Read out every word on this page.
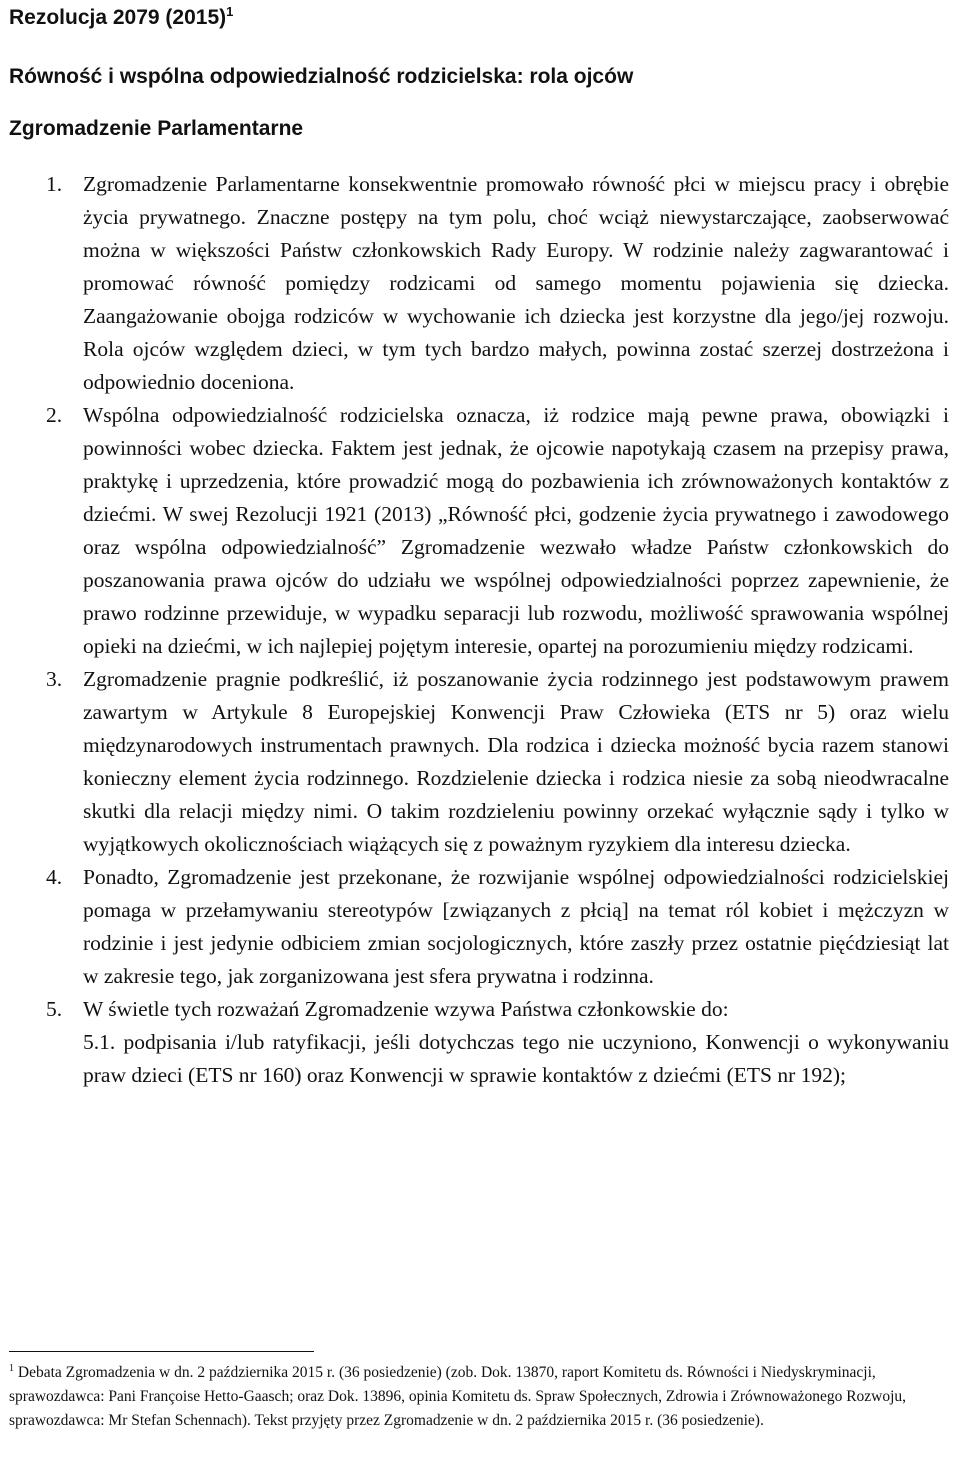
Rezolucja 2079 $(2015)^1$
Równość i wspólna odpowiedzialność rodzicielska: rola ojców
Zgromadzenie Parlamentarne

1. Zgromadzenie Parlamentarne konsekwentnie promowało równość płci w miejscu pracy i obrębie życia prywatnego. Znaczne postępy na tym polu, choć wciąż niewystarczające, zaobserwować można w większości Państw członkowskich Rady Europy. W rodzinie należy zagwarantować i promować równość pomiędzy rodzicami od samego momentu pojawienia się dziecka. Zaangażowanie obojga rodziców w wychowanie ich dziecka jest korzystne dla jego/jej rozwoju. Rola ojców względem dzieci, w tym tych bardzo małych, powinna zostać szerzej dostrzeżona i odpowiednio doceniona.

2. Wspólna odpowiedzialność rodzicielska oznacza, iż rodzice mają pewne prawa, obowiązki i powinności wobec dziecka. Faktem jest jednak, że ojcowie napotykają czasem na przepisy prawa, praktykę i uprzedzenia, które prowadzić mogą do pozbawienia ich zrównoważonych kontaktów z dziećmi. W swej Rezolucji 1921 (2013) „Równość płci, godzenie życia prywatnego i zawodowego oraz wspólna odpowiedzialność” Zgromadzenie wezwało władze Państw członkowskich do poszanowania prawa ojców do udziału we wspólnej odpowiedzialności poprzez zapewnienie, że prawo rodzinne przewiduje, w wypadku separacji lub rozwodu, możliwość sprawowania wspólnej opieki na dziećmi, w ich najlepiej pojętym interesie, opartej na porozumieniu między rodzicami.

3. Zgromadzenie pragnie podkreślić, iż poszanowanie życia rodzinnego jest podstawowym prawem zawartym w Artykule 8 Europejskiej Konwencji Praw Człowieka (ETS nr 5) oraz wielu międzynarodowych instrumentach prawnych. Dla rodzica i dziecka możność bycia razem stanowi konieczny element życia rodzinnego. Rozdzielenie dziecka i rodzica niesie za sobą nieodwracalne skutki dla relacji między nimi. O takim rozdzieleniu powinny orzekać wyłącznie sądy i tylko w wyjątkowych okolicznościach wiążących się z poważnym ryzykiem dla interesu dziecka.

4. Ponadto, Zgromadzenie jest przekonane, że rozwijanie wspólnej odpowiedzialności rodzicielskiej pomaga w przełamywaniu stereotypów [związanych z płcią] na temat ról kobiet i mężczyzn w rodzinie i jest jedynie odbiciem zmian socjologicznych, które zaszły przez ostatnie pięćdziesiąt lat w zakresie tego, jak zorganizowana jest sfera prywatna i rodzinna.

5. W świetle tych rozważań Zgromadzenie wzywa Państwa członkowskie do:

5.1. podpisania i/lub ratyfikacji, jeśli dotychczas tego nie uczyniono, Konwencji o wykonywaniu praw dzieci (ETS nr 160) oraz Konwencji w sprawie kontaktów z dziećmi (ETS nr 192);

$^1$ Debata Zgromadzenia w dn. 2 października 2015 r. (36 posiedzenie) (zob. Dok. 13870, raport Komitetu ds. Równości i Niedyskryminacji, sprawozdawca: Pani Françoise Hetto-Gaasch; oraz Dok. 13896, opinia Komitetu ds. Spraw Społecznych, Zdrowia i Zrównoważonego Rozwoju, sprawozdawca: Mr Stefan Schennach). Tekst przyjęty przez Zgromadzenie w dn. 2 października 2015 r. (36 posiedzenie).
